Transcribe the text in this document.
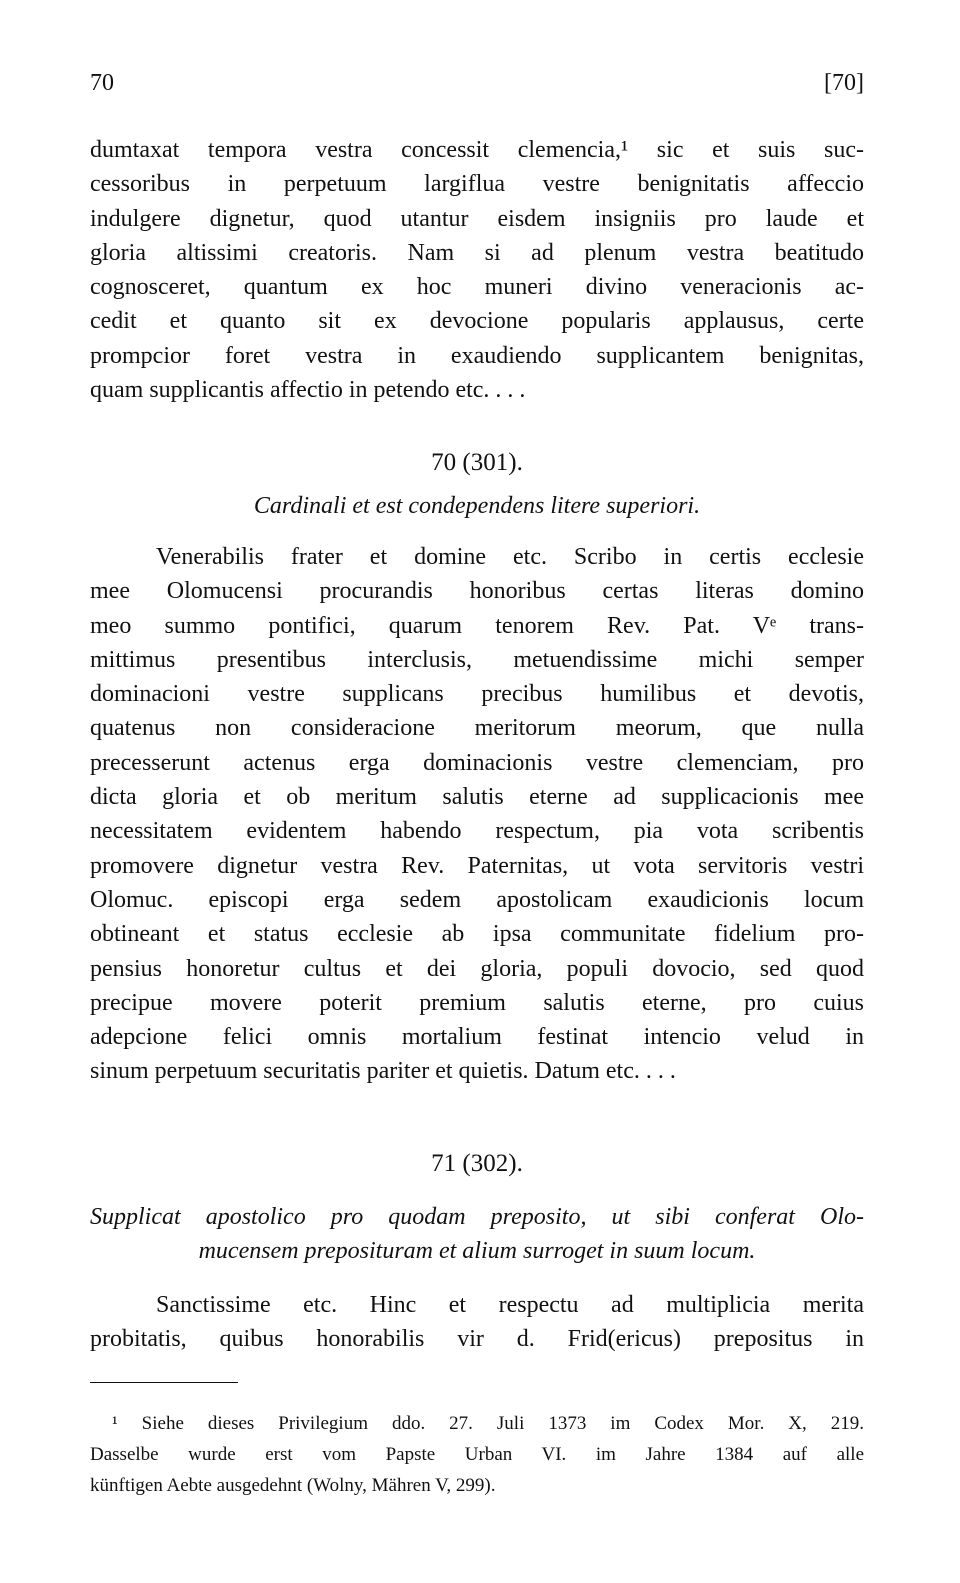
70	[70]

dumtaxat tempora vestra concessit clemencia,¹ sic et suis suc-

cessoribus in perpetuum largiflua vestre benignitatis affeccio

indulgere dignetur, quod utantur eisdem insigniis pro laude et

gloria altissimi creatoris. Nam si ad plenum vestra beatitudo

cognosceret, quantum ex hoc muneri divino veneracionis ac-

cedit et quanto sit ex devocione popularis applausus, certe

prompcior foret vestra in exaudiendo supplicantem benignitas,

quam supplicantis affectio in petendo etc. . . .

70 (301).
Cardinali et est condependens litere superiori.

Venerabilis frater et domine etc. Scribo in certis ecclesie

mee Olomucensi procurandis honoribus certas literas domino

meo summo pontifici, quarum tenorem Rev. Pat. Vᵉ trans-

mittimus presentibus interclusis, metuendissime michi semper

dominacioni vestre supplicans precibus humilibus et devotis,

quatenus non consideracione meritorum meorum, que nulla

precesserunt actenus erga dominacionis vestre clemenciam, pro

dicta gloria et ob meritum salutis eterne ad supplicacionis mee

necessitatem evidentem habendo respectum, pia vota scribentis

promovere dignetur vestra Rev. Paternitas, ut vota servitoris vestri

Olomuc. episcopi erga sedem apostolicam exaudicionis locum

obtineant et status ecclesie ab ipsa communitate fidelium pro-

pensius honoretur cultus et dei gloria, populi dovocio, sed quod

precipue movere poterit premium salutis eterne, pro cuius

adepcione felici omnis mortalium festinat intencio velud in

sinum perpetuum securitatis pariter et quietis. Datum etc. . . .

71 (302).
Supplicat apostolico pro quodam preposito, ut sibi conferat Olo-
mucensem preposituram et alium surroget in suum locum.

Sanctissime etc. Hinc et respectu ad multiplicia merita

probitatis, quibus honorabilis vir d. Frid(ericus) prepositus in

¹ Siehe dieses Privilegium ddo. 27. Juli 1373 im Codex Mor. X, 219.

Dasselbe wurde erst vom Papste Urban VI. im Jahre 1384 auf alle

künftigen Aebte ausgedehnt (Wolny, Mähren V, 299).
